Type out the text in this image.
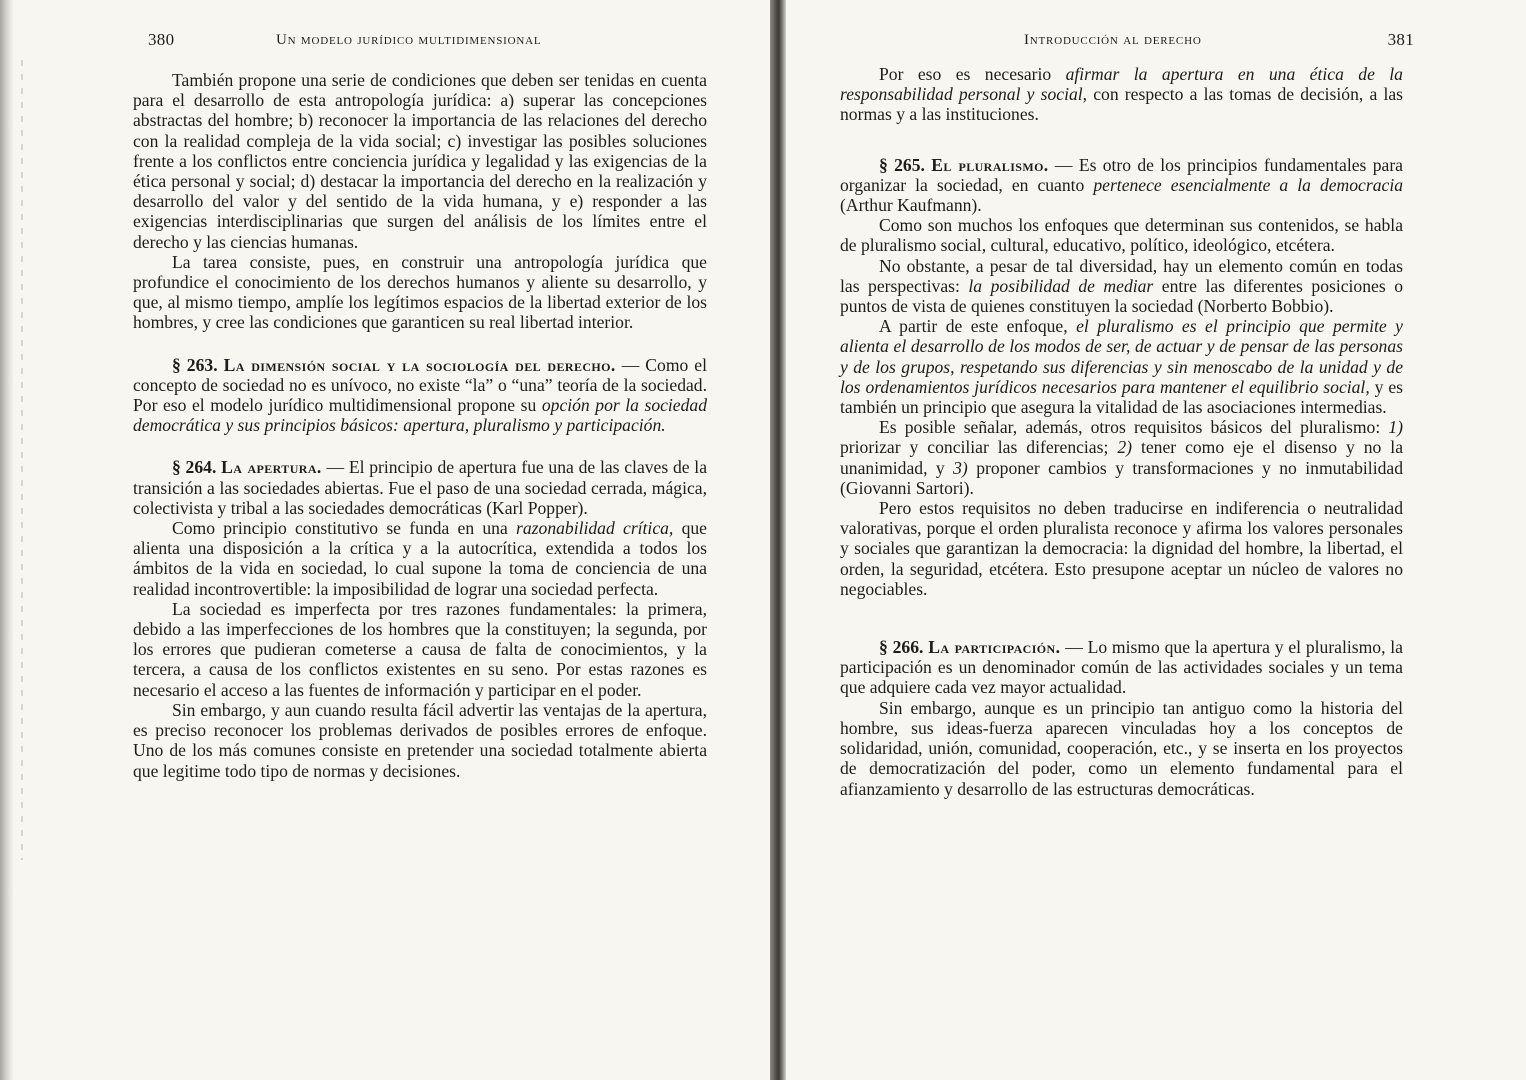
380	Un modelo jurídico multidimensional

También propone una serie de condiciones que deben ser tenidas en cuenta para el desarrollo de esta antropología jurídica: a) superar las concepciones abstractas del hombre; b) reconocer la importancia de las relaciones del derecho con la realidad compleja de la vida social; c) investigar las posibles soluciones frente a los conflictos entre conciencia jurídica y legalidad y las exigencias de la ética personal y social; d) destacar la importancia del derecho en la realización y desarrollo del valor y del sentido de la vida humana, y e) responder a las exigencias interdisciplinarias que surgen del análisis de los límites entre el derecho y las ciencias humanas.

La tarea consiste, pues, en construir una antropología jurídica que profundice el conocimiento de los derechos humanos y aliente su desarrollo, y que, al mismo tiempo, amplíe los legítimos espacios de la libertad exterior de los hombres, y cree las condiciones que garanticen su real libertad interior.

§ 263. La dimensión social y la sociología del derecho. — Como el concepto de sociedad no es unívoco, no existe “la” o “una” teoría de la sociedad. Por eso el modelo jurídico multidimensional propone su opción por la sociedad democrática y sus principios básicos: apertura, pluralismo y participación.

§ 264. La apertura. — El principio de apertura fue una de las claves de la transición a las sociedades abiertas. Fue el paso de una sociedad cerrada, mágica, colectivista y tribal a las sociedades democráticas (Karl Popper).

Como principio constitutivo se funda en una razonabilidad crítica, que alienta una disposición a la crítica y a la autocrítica, extendida a todos los ámbitos de la vida en sociedad, lo cual supone la toma de conciencia de una realidad incontrovertible: la imposibilidad de lograr una sociedad perfecta.

La sociedad es imperfecta por tres razones fundamentales: la primera, debido a las imperfecciones de los hombres que la constituyen; la segunda, por los errores que pudieran cometerse a causa de falta de conocimientos, y la tercera, a causa de los conflictos existentes en su seno. Por estas razones es necesario el acceso a las fuentes de información y participar en el poder.

Sin embargo, y aun cuando resulta fácil advertir las ventajas de la apertura, es preciso reconocer los problemas derivados de posibles errores de enfoque. Uno de los más comunes consiste en pretender una sociedad totalmente abierta que legitime todo tipo de normas y decisiones.

Introducción al derecho	381

Por eso es necesario afirmar la apertura en una ética de la responsabilidad personal y social, con respecto a las tomas de decisión, a las normas y a las instituciones.

§ 265. El pluralismo. — Es otro de los principios fundamentales para organizar la sociedad, en cuanto pertenece esencialmente a la democracia (Arthur Kaufmann).

Como son muchos los enfoques que determinan sus contenidos, se habla de pluralismo social, cultural, educativo, político, ideológico, etcétera.

No obstante, a pesar de tal diversidad, hay un elemento común en todas las perspectivas: la posibilidad de mediar entre las diferentes posiciones o puntos de vista de quienes constituyen la sociedad (Norberto Bobbio).

A partir de este enfoque, el pluralismo es el principio que permite y alienta el desarrollo de los modos de ser, de actuar y de pensar de las personas y de los grupos, respetando sus diferencias y sin menoscabo de la unidad y de los ordenamientos jurídicos necesarios para mantener el equilibrio social, y es también un principio que asegura la vitalidad de las asociaciones intermedias.

Es posible señalar, además, otros requisitos básicos del pluralismo: 1) priorizar y conciliar las diferencias; 2) tener como eje el disenso y no la unanimidad, y 3) proponer cambios y transformaciones y no inmutabilidad (Giovanni Sartori).

Pero estos requisitos no deben traducirse en indiferencia o neutralidad valorativas, porque el orden pluralista reconoce y afirma los valores personales y sociales que garantizan la democracia: la dignidad del hombre, la libertad, el orden, la seguridad, etcétera. Esto presupone aceptar un núcleo de valores no negociables.

§ 266. La participación. — Lo mismo que la apertura y el pluralismo, la participación es un denominador común de las actividades sociales y un tema que adquiere cada vez mayor actualidad.

Sin embargo, aunque es un principio tan antiguo como la historia del hombre, sus ideas-fuerza aparecen vinculadas hoy a los conceptos de solidaridad, unión, comunidad, cooperación, etc., y se inserta en los proyectos de democratización del poder, como un elemento fundamental para el afianzamiento y desarrollo de las estructuras democráticas.
